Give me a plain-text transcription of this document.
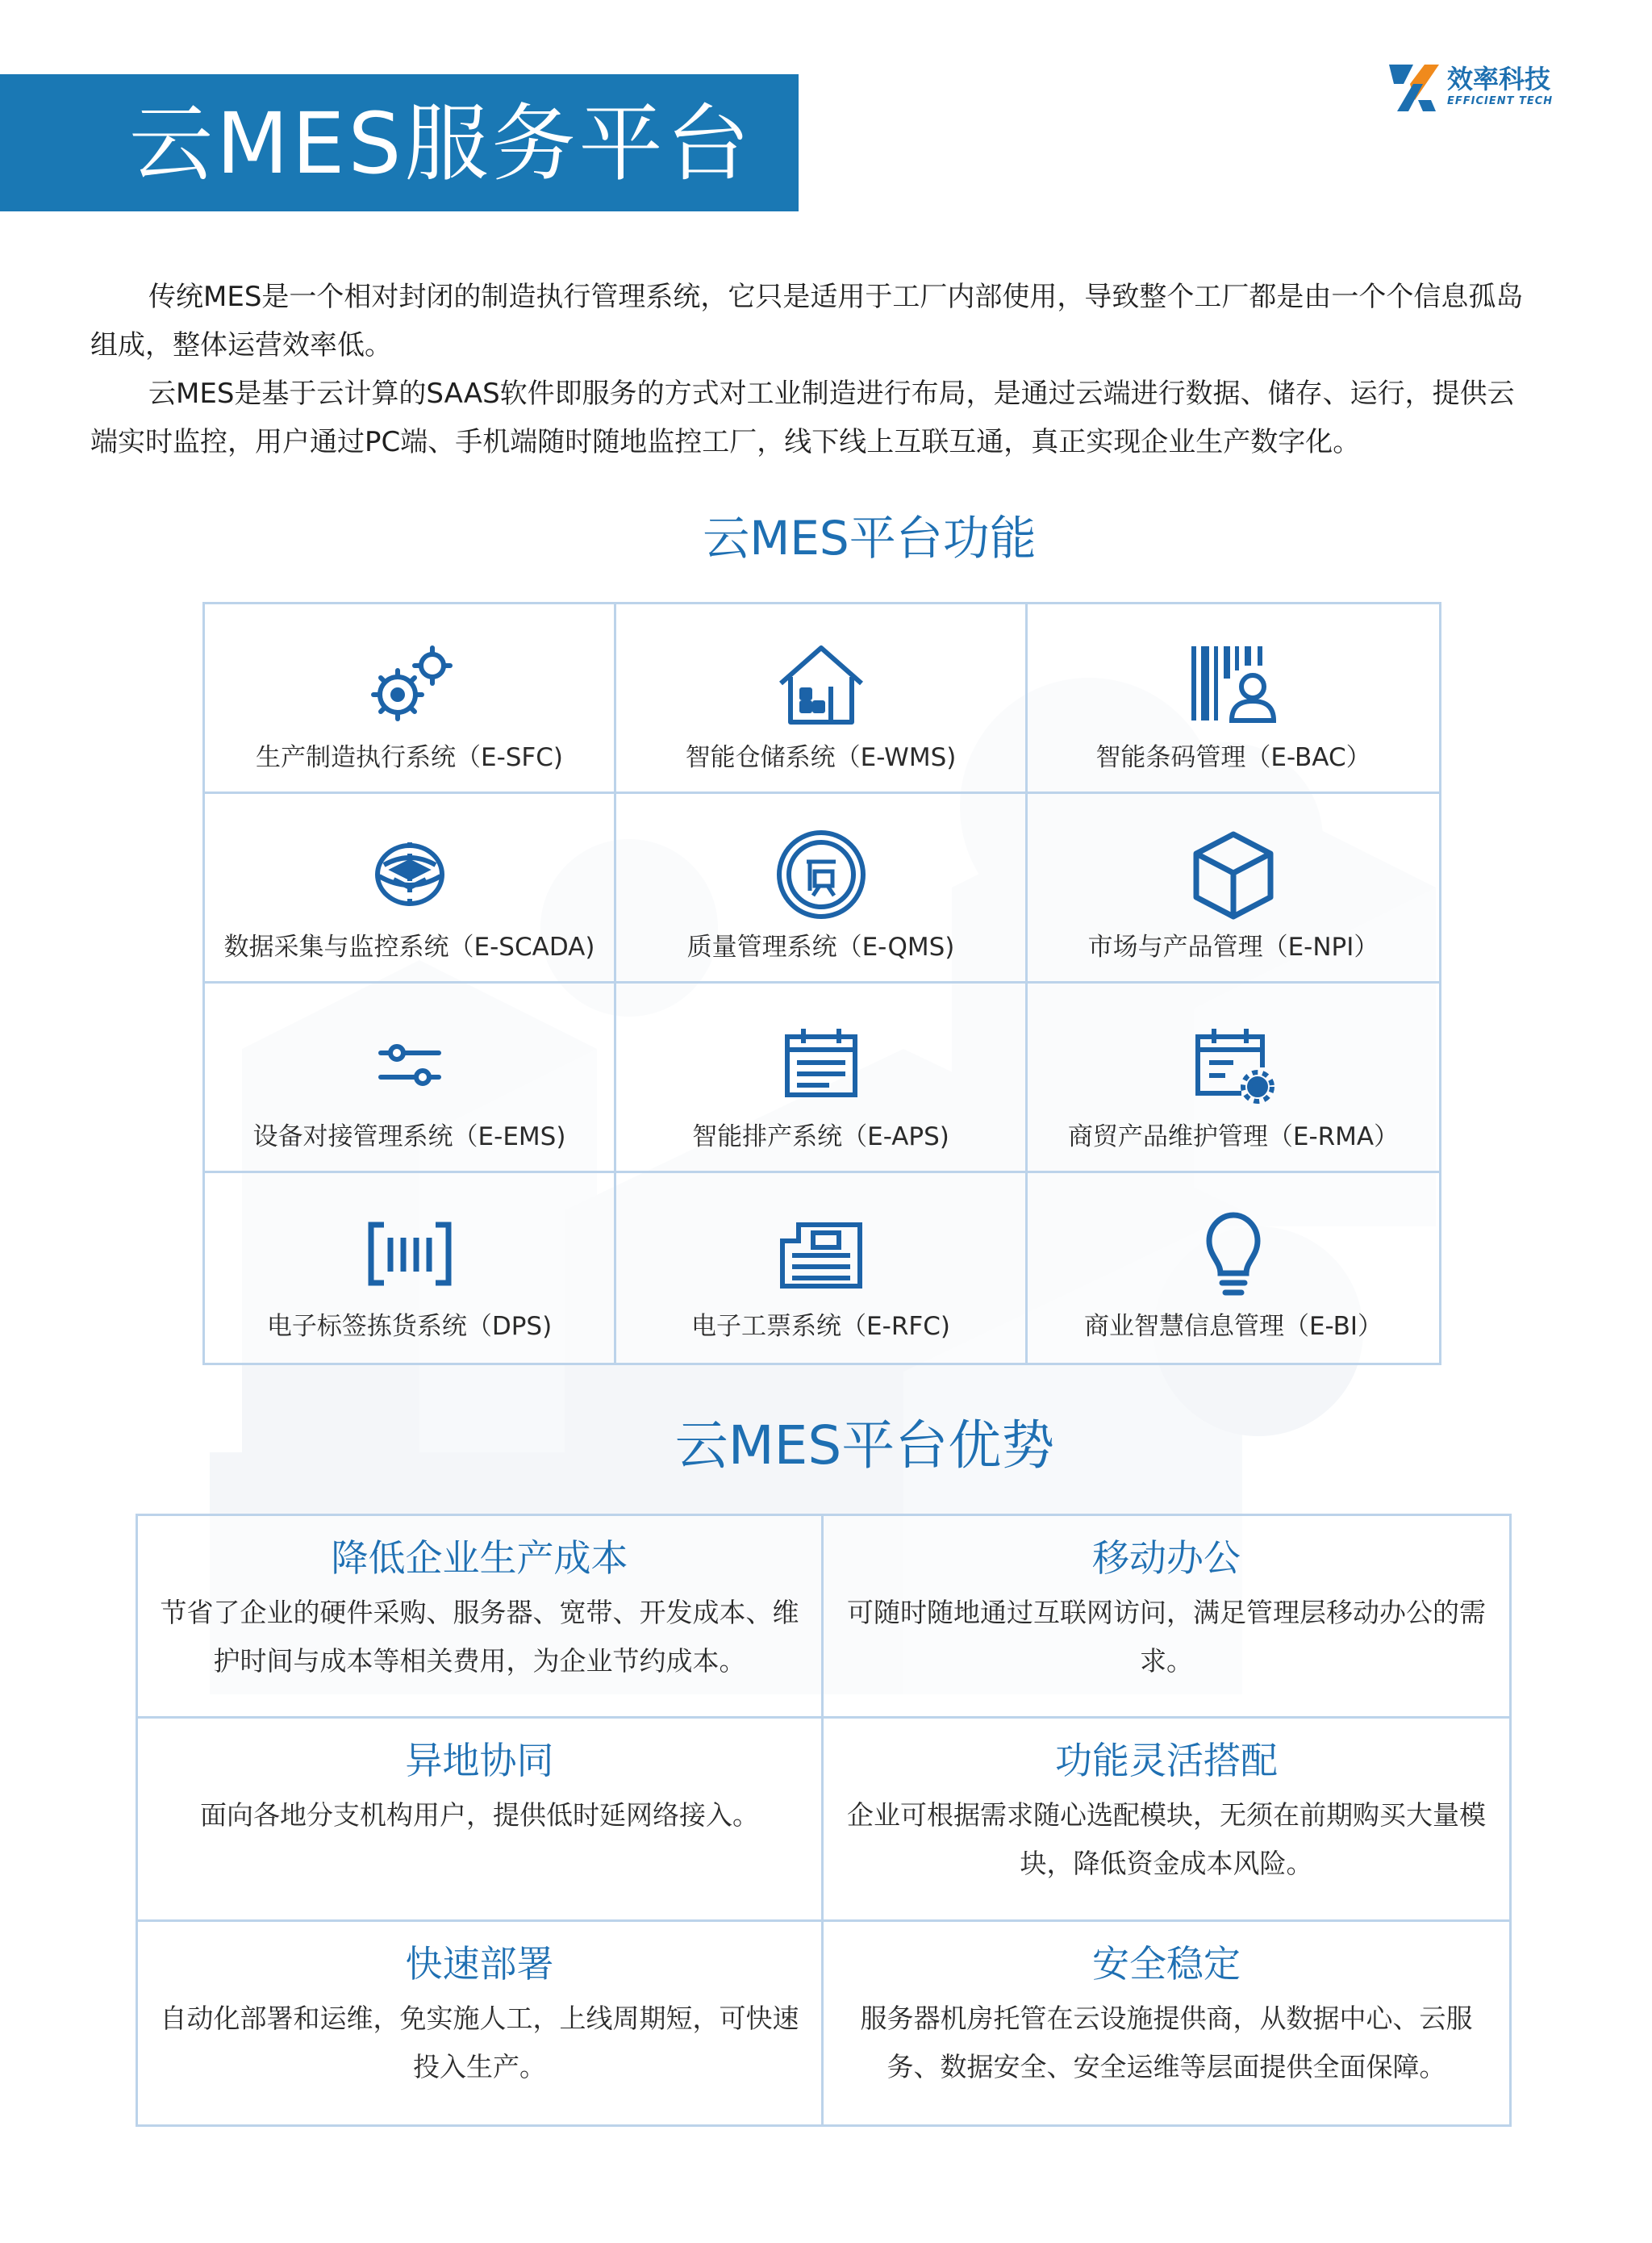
云MES服务平台
效率科技
EFFICIENT TECH

传统MES是一个相对封闭的制造执行管理系统，它只是适用于工厂内部使用，导致整个工厂都是由一个个信息孤岛组成，整体运营效率低。

云MES是基于云计算的SAAS软件即服务的方式对工业制造进行布局，是通过云端进行数据、储存、运行，提供云端实时监控，用户通过PC端、手机端随时随地监控工厂，线下线上互联互通，真正实现企业生产数字化。

云MES平台功能
生产制造执行系统（E-SFC)	智能仓储系统（E-WMS)	智能条码管理（E-BAC）
数据采集与监控系统（E-SCADA)	质量管理系统（E-QMS)	市场与产品管理（E-NPI）
设备对接管理系统（E-EMS)	智能排产系统（E-APS)	商贸产品维护管理（E-RMA）
电子标签拣货系统（DPS)	电子工票系统（E-RFC)	商业智慧信息管理（E-BI）
云MES平台优势
降低企业生产成本
节省了企业的硬件采购、服务器、宽带、开发成本、维护时间与成本等相关费用，为企业节约成本。
移动办公
可随时随地通过互联网访问，满足管理层移动办公的需求。
异地协同
面向各地分支机构用户，提供低时延网络接入。
功能灵活搭配
企业可根据需求随心选配模块，无须在前期购买大量模块，降低资金成本风险。
快速部署
自动化部署和运维，免实施人工，上线周期短，可快速投入生产。
安全稳定
服务器机房托管在云设施提供商，从数据中心、云服务、数据安全、安全运维等层面提供全面保障。
